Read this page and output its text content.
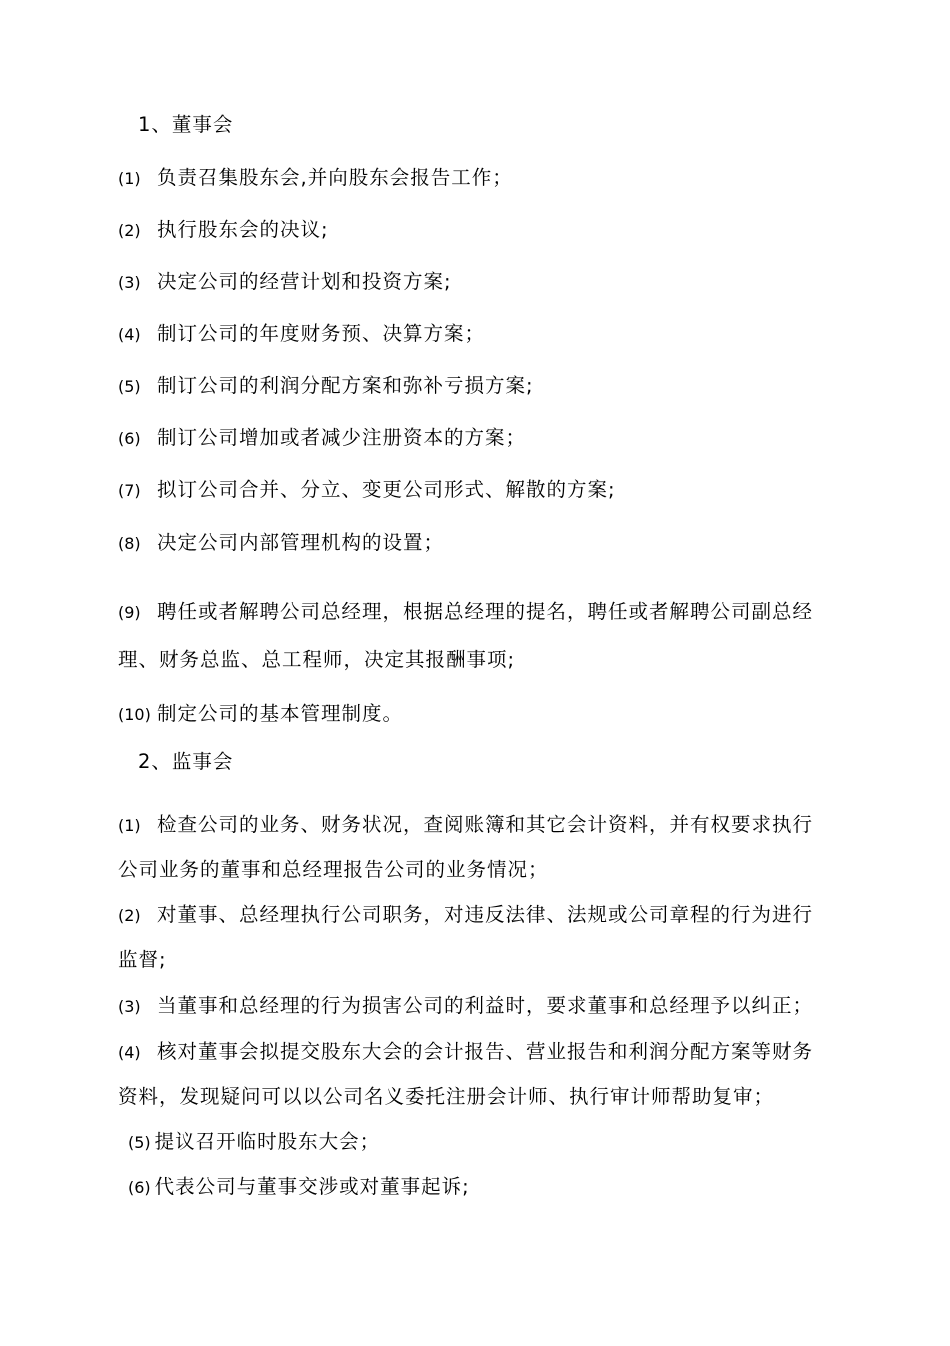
1、董事会
(1) 负责召集股东会,并向股东会报告工作；
(2) 执行股东会的决议;
(3) 决定公司的经营计划和投资方案;
(4) 制订公司的年度财务预、决算方案；
(5) 制订公司的利润分配方案和弥补亏损方案;
(6) 制订公司增加或者减少注册资本的方案；
(7) 拟订公司合并、分立、变更公司形式、解散的方案;
(8) 决定公司内部管理机构的设置；
(9) 聘任或者解聘公司总经理，根据总经理的提名，聘任或者解聘公司副总经
理、财务总监、总工程师，决定其报酬事项;
(10) 制定公司的基本管理制度。
2、监事会
(1) 检查公司的业务、财务状况，查阅账簿和其它会计资料，并有权要求执行
公司业务的董事和总经理报告公司的业务情况；
(2) 对董事、总经理执行公司职务，对违反法律、法规或公司章程的行为进行
监督;
(3) 当董事和总经理的行为损害公司的利益时，要求董事和总经理予以纠正；
(4) 核对董事会拟提交股东大会的会计报告、营业报告和利润分配方案等财务
资料，发现疑问可以以公司名义委托注册会计师、执行审计师帮助复审；
(5) 提议召开临时股东大会；
(6) 代表公司与董事交涉或对董事起诉;
